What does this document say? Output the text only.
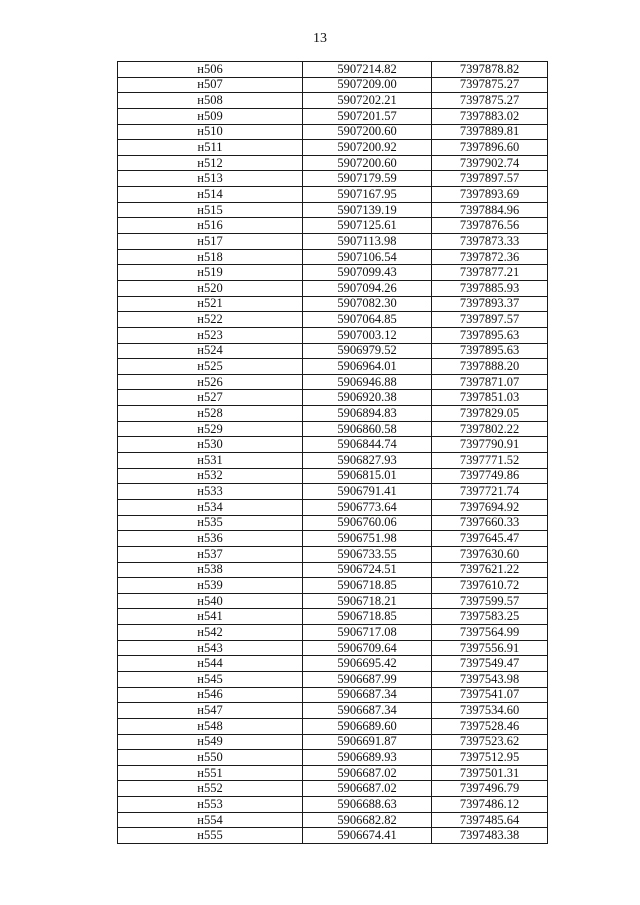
13
н506	5907214.82	7397878.82
н507	5907209.00	7397875.27
н508	5907202.21	7397875.27
н509	5907201.57	7397883.02
н510	5907200.60	7397889.81
н511	5907200.92	7397896.60
н512	5907200.60	7397902.74
н513	5907179.59	7397897.57
н514	5907167.95	7397893.69
н515	5907139.19	7397884.96
н516	5907125.61	7397876.56
н517	5907113.98	7397873.33
н518	5907106.54	7397872.36
н519	5907099.43	7397877.21
н520	5907094.26	7397885.93
н521	5907082.30	7397893.37
н522	5907064.85	7397897.57
н523	5907003.12	7397895.63
н524	5906979.52	7397895.63
н525	5906964.01	7397888.20
н526	5906946.88	7397871.07
н527	5906920.38	7397851.03
н528	5906894.83	7397829.05
н529	5906860.58	7397802.22
н530	5906844.74	7397790.91
н531	5906827.93	7397771.52
н532	5906815.01	7397749.86
н533	5906791.41	7397721.74
н534	5906773.64	7397694.92
н535	5906760.06	7397660.33
н536	5906751.98	7397645.47
н537	5906733.55	7397630.60
н538	5906724.51	7397621.22
н539	5906718.85	7397610.72
н540	5906718.21	7397599.57
н541	5906718.85	7397583.25
н542	5906717.08	7397564.99
н543	5906709.64	7397556.91
н544	5906695.42	7397549.47
н545	5906687.99	7397543.98
н546	5906687.34	7397541.07
н547	5906687.34	7397534.60
н548	5906689.60	7397528.46
н549	5906691.87	7397523.62
н550	5906689.93	7397512.95
н551	5906687.02	7397501.31
н552	5906687.02	7397496.79
н553	5906688.63	7397486.12
н554	5906682.82	7397485.64
н555	5906674.41	7397483.38
